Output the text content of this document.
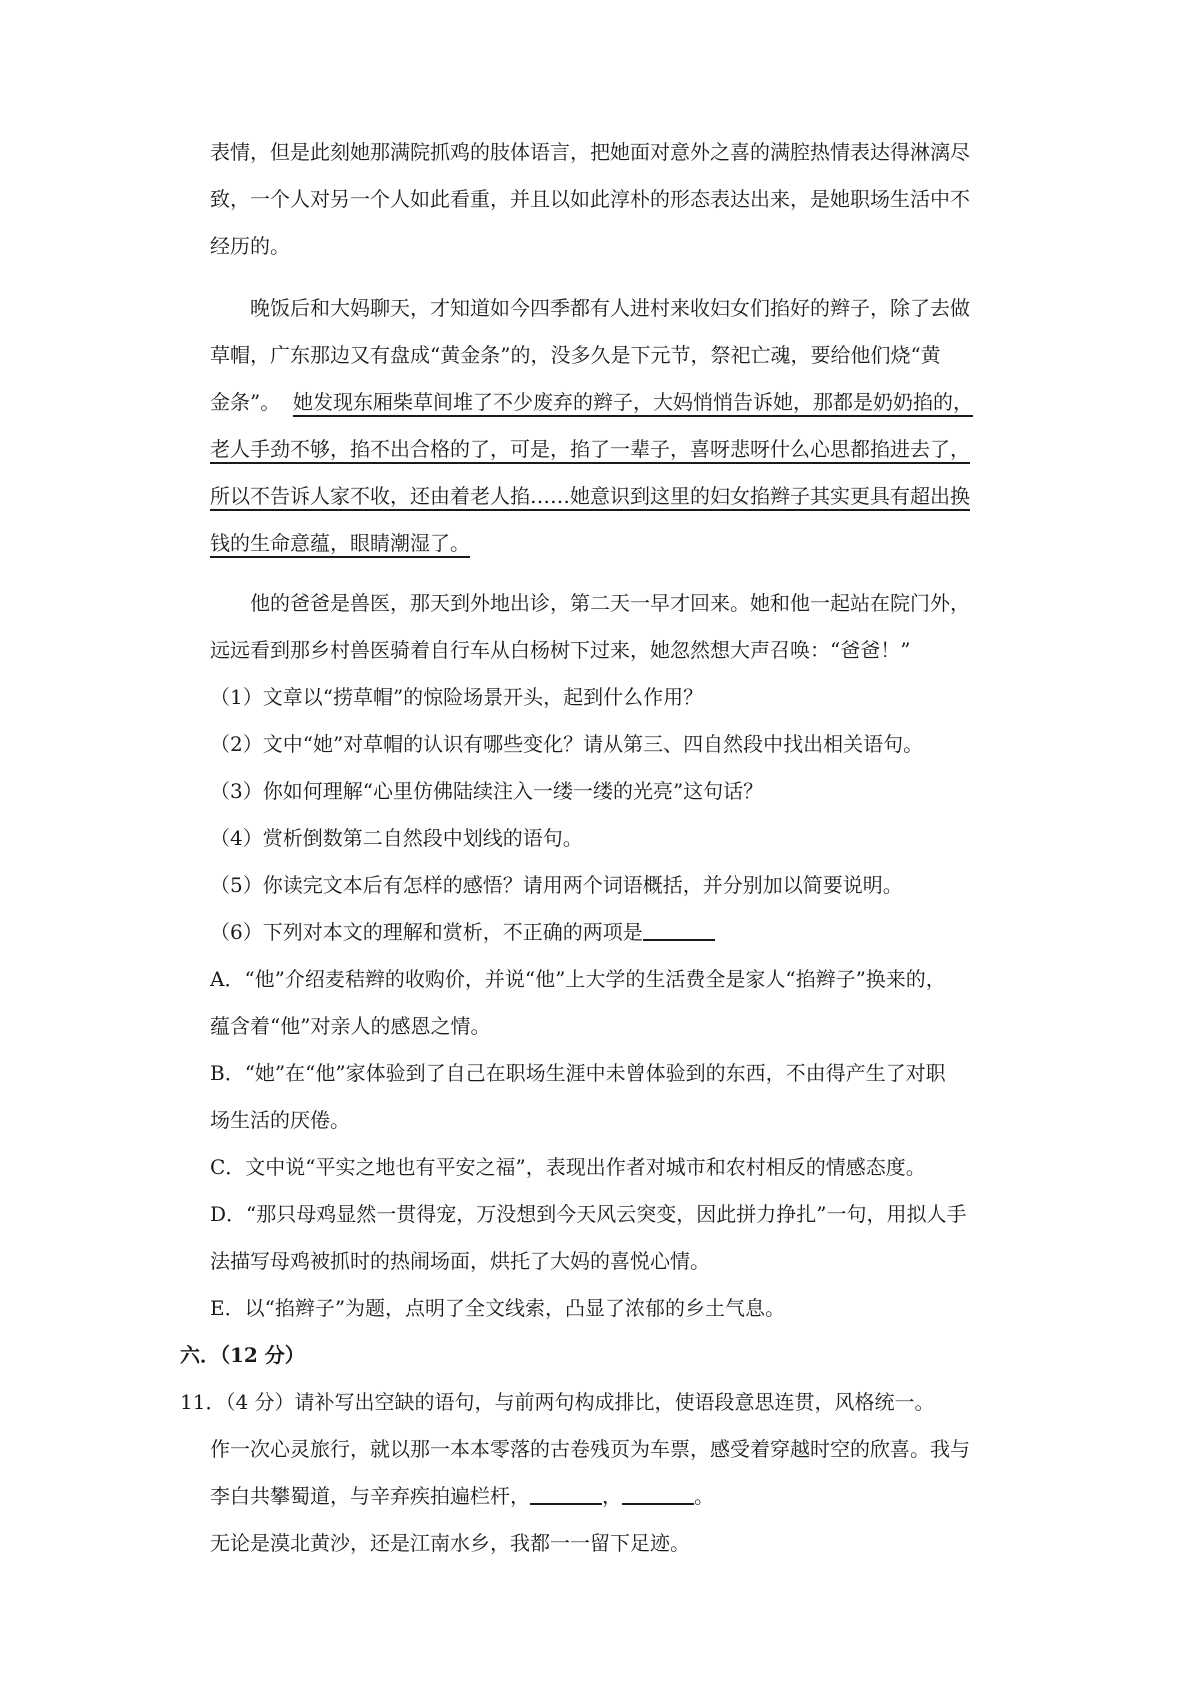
表情，但是此刻她那满院抓鸡的肢体语言，把她面对意外之喜的满腔热情表达得淋漓尽
致，一个人对另一个人如此看重，并且以如此淳朴的形态表达出来，是她职场生活中不
经历的。
晚饭后和大妈聊天，才知道如今四季都有人进村来收妇女们掐好的辫子，除了去做
草帽，广东那边又有盘成“黄金条”的，没多久是下元节，祭祀亡魂，要给他们烧“黄
金条”。 她发现东厢柴草间堆了不少废弃的辫子，大妈悄悄告诉她，那都是奶奶掐的，
老人手劲不够，掐不出合格的了，可是，掐了一辈子，喜呀悲呀什么心思都掐进去了，
所以不告诉人家不收，还由着老人掐……她意识到这里的妇女掐辫子其实更具有超出换
钱的生命意蕴，眼睛潮湿了。
他的爸爸是兽医，那天到外地出诊，第二天一早才回来。她和他一起站在院门外，
远远看到那乡村兽医骑着自行车从白杨树下过来，她忽然想大声召唤：“爸爸！”
（1）文章以“捞草帽”的惊险场景开头，起到什么作用？
（2）文中“她”对草帽的认识有哪些变化？请从第三、四自然段中找出相关语句。
（3）你如何理解“心里仿佛陆续注入一缕一缕的光亮”这句话？
（4）赏析倒数第二自然段中划线的语句。
（5）你读完文本后有怎样的感悟？请用两个词语概括，并分别加以简要说明。
（6）下列对本文的理解和赏析，不正确的两项是
A．“他”介绍麦秸辫的收购价，并说“他”上大学的生活费全是家人“掐辫子”换来的，
蕴含着“他”对亲人的感恩之情。
B．“她”在“他”家体验到了自己在职场生涯中未曾体验到的东西，不由得产生了对职
场生活的厌倦。
C．文中说“平实之地也有平安之福”，表现出作者对城市和农村相反的情感态度。
D．“那只母鸡显然一贯得宠，万没想到今天风云突变，因此拼力挣扎”一句，用拟人手
法描写母鸡被抓时的热闹场面，烘托了大妈的喜悦心情。
E．以“掐辫子”为题，点明了全文线索，凸显了浓郁的乡土气息。
六．（12 分）
11．（4 分）请补写出空缺的语句，与前两句构成排比，使语段意思连贯，风格统一。
作一次心灵旅行，就以那一本本零落的古卷残页为车票，感受着穿越时空的欣喜。我与
李白共攀蜀道，与辛弃疾拍遍栏杆，	，	。
无论是漠北黄沙，还是江南水乡，我都一一留下足迹。
